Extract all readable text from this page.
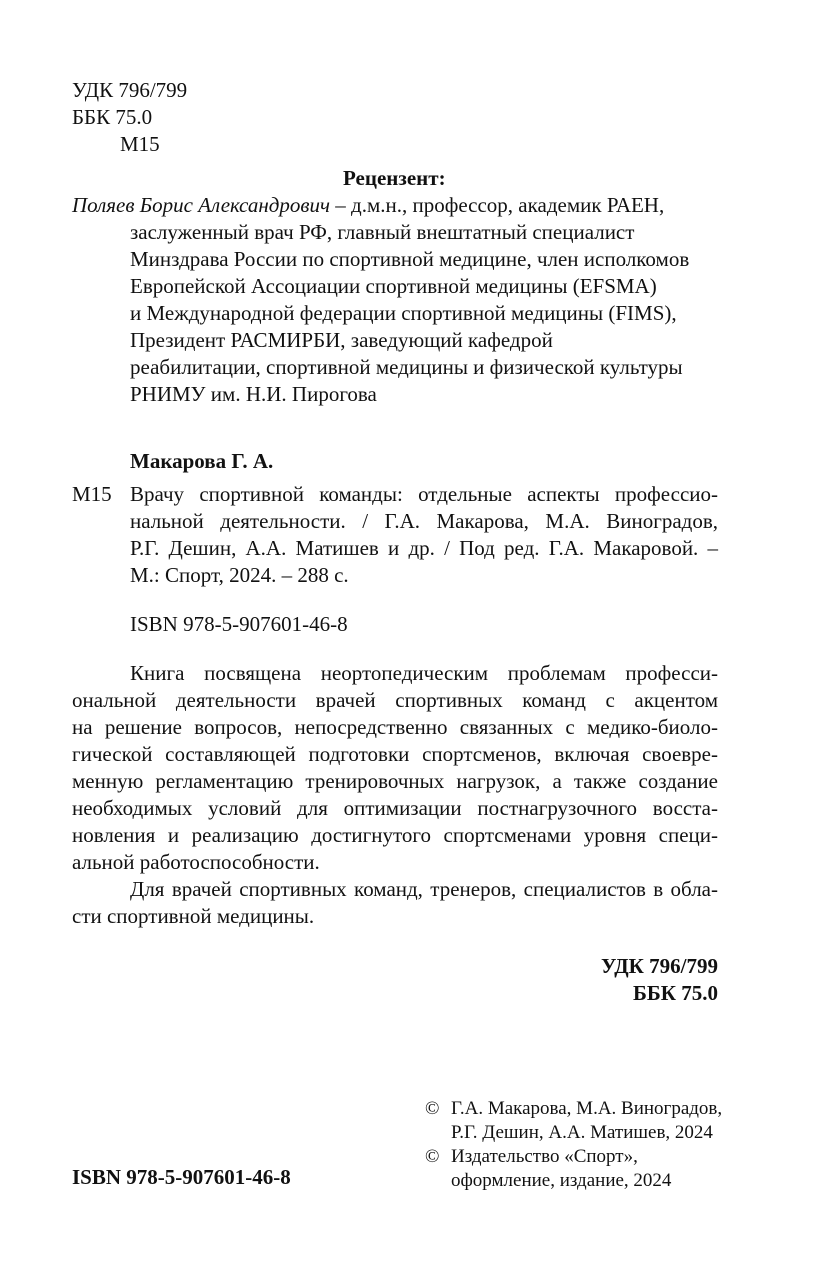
УДК 796/799
ББК 75.0
М15
Рецензент:
Поляев Борис Александрович – д.м.н., профессор, академик РАЕН,
заслуженный врач РФ, главный внештатный специалист
Минздрава России по спортивной медицине, член исполкомов
Европейской Ассоциации спортивной медицины (EFSMA)
и Международной федерации спортивной медицины (FIMS),
Президент РАСМИРБИ, заведующий кафедрой
реабилитации, спортивной медицины и физической культуры
РНИМУ им. Н.И. Пирогова
Макарова Г. А.
М15 Врачу спортивной команды: отдельные аспекты профессио-
нальной деятельности. / Г.А. Макарова, М.А. Виноградов,
Р.Г. Дешин, А.А. Матишев и др. / Под ред. Г.А. Макаровой. –
М.: Спорт, 2024. – 288 с.
ISBN 978-5-907601-46-8
Книга посвящена неортопедическим проблемам професси-
ональной деятельности врачей спортивных команд с акцентом
на решение вопросов, непосредственно связанных с медико-биоло-
гической составляющей подготовки спортсменов, включая своевре-
менную регламентацию тренировочных нагрузок, а также создание
необходимых условий для оптимизации постнагрузочного восста-
новления и реализацию достигнутого спортсменами уровня специ-
альной работоспособности.
Для врачей спортивных команд, тренеров, специалистов в обла-
сти спортивной медицины.
УДК 796/799
ББК 75.0
© Г.А. Макарова, М.А. Виноградов,
Р.Г. Дешин, А.А. Матишев, 2024
© Издательство «Спорт»,
оформление, издание, 2024
ISBN 978-5-907601-46-8
